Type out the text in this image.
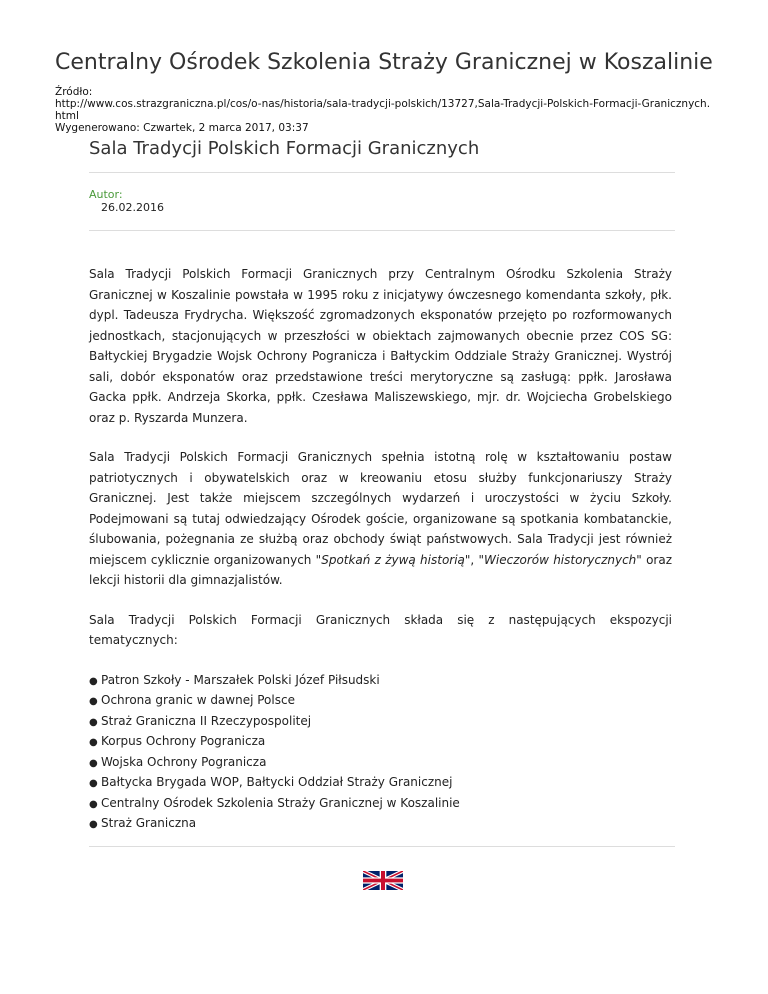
Centralny Ośrodek Szkolenia Straży Granicznej w Koszalinie
Źródło:
http://www.cos.strazgraniczna.pl/cos/o-nas/historia/sala-tradycji-polskich/13727,Sala-Tradycji-Polskich-Formacji-Granicznych.html
Wygenerowano: Czwartek, 2 marca 2017, 03:37
Sala Tradycji Polskich Formacji Granicznych
Autor:
26.02.2016

Sala Tradycji Polskich Formacji Granicznych przy Centralnym Ośrodku Szkolenia Straży Granicznej w Koszalinie powstała w 1995 roku z inicjatywy ówczesnego komendanta szkoły, płk. dypl. Tadeusza Frydrycha. Większość zgromadzonych eksponatów przejęto po rozformowanych jednostkach, stacjonujących w przeszłości w obiektach zajmowanych obecnie przez COS SG: Bałtyckiej Brygadzie Wojsk Ochrony Pogranicza i Bałtyckim Oddziale Straży Granicznej. Wystrój sali, dobór eksponatów oraz przedstawione treści merytoryczne są zasługą: ppłk. Jarosława Gacka ppłk. Andrzeja Skorka, ppłk. Czesława Maliszewskiego, mjr. dr. Wojciecha Grobelskiego oraz p. Ryszarda Munzera.

Sala Tradycji Polskich Formacji Granicznych spełnia istotną rolę w kształtowaniu postaw patriotycznych i obywatelskich oraz w kreowaniu etosu służby funkcjonariuszy Straży Granicznej. Jest także miejscem szczególnych wydarzeń i uroczystości w życiu Szkoły. Podejmowani są tutaj odwiedzający Ośrodek goście, organizowane są spotkania kombatanckie, ślubowania, pożegnania ze służbą oraz obchody świąt państwowych. Sala Tradycji jest również miejscem cyklicznie organizowanych "Spotkań z żywą historią", "Wieczorów historycznych" oraz lekcji historii dla gimnazjalistów.

Sala Tradycji Polskich Formacji Granicznych składa się z następujących ekspozycji tematycznych:

● Patron Szkoły - Marszałek Polski Józef Piłsudski
● Ochrona granic w dawnej Polsce
● Straż Graniczna II Rzeczypospolitej
● Korpus Ochrony Pogranicza
● Wojska Ochrony Pogranicza
● Bałtycka Brygada WOP, Bałtycki Oddział Straży Granicznej
● Centralny Ośrodek Szkolenia Straży Granicznej w Koszalinie
● Straż Graniczna
